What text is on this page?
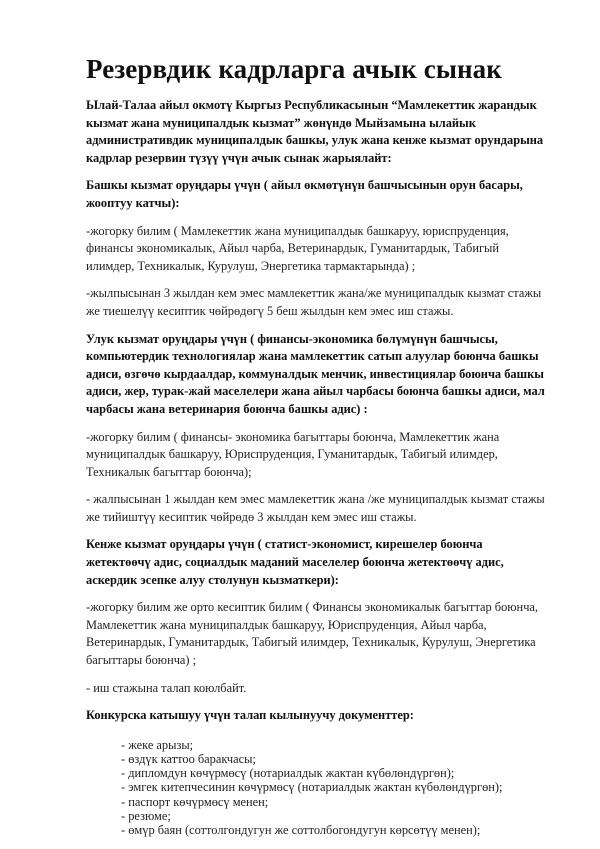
Резервдик кадрларга ачык сынак

Ылай-Талаа айыл окмотү Кыргыз Республикасынын “Мамлекеттик жарандык кызмат жана муниципалдык кызмат” жөнүндө Мыйзамына ылайык административдик муниципалдык башкы, улук жана кенже кызмат орундарына кадрлар резервин түзүү үчүн ачык сынак жарыялайт:

Башкы кызмат оруңдары үчүн ( айыл өкмөтүнүн башчысынын орун басары, жооптуу катчы):

-жогорку билим ( Мамлекеттик жана муниципалдык башкаруу, юриспруденция, финансы экономикалык, Айыл чарба, Ветеринардык, Гуманитардык, Табигый илимдер, Техникалык, Курулуш, Энергетика тармактарында) ;

-жылпысынан 3 жылдан кем эмес мамлекеттик жана/же муниципалдык кызмат стажы же тиешелүү кесиптик чөйрөдөгү 5 беш жылдын кем эмес иш стажы.

Улук кызмат оруңдары үчүн ( финансы-экономика бөлүмүнүн башчысы, компьютердик технологиялар жана мамлекеттик сатып алуулар боюнча башкы адиси, өзгөчө кырдаалдар, коммуналдык менчик, инвестициялар боюнча башкы адиси, жер, турак-жай маселелери жана айыл чарбасы боюнча башкы адиси, мал чарбасы жана ветеринария боюнча башкы адис) :

-жогорку билим ( финансы- экономика багыттары боюнча, Мамлекеттик жана муниципалдык башкаруу, Юриспруденция, Гуманитардык, Табигый илимдер, Техникалык багыттар боюнча);

- жалпысынан 1 жылдан кем эмес мамлекеттик жана /же муниципалдык кызмат стажы же тийиштүү кесиптик чөйрөдө 3 жылдан кем эмес иш стажы.

Кенже кызмат оруңдары үчүн ( статист-экономист, кирешелер боюнча жетектөөчү адис, социалдык маданий маселелер боюнча жетектөөчү адис, аскердик эсепке алуу столунун кызматкери):

-жогорку билим же орто кесиптик билим ( Финансы экономикалык багыттар боюнча, Мамлекеттик жана муниципалдык башкаруу, Юриспруденция, Айыл чарба, Ветеринардык, Гуманитардык, Табигый илимдер, Техникалык, Курулуш, Энергетика багыттары боюнча) ;

- иш стажына талап коюлбайт.

Конкурска катышуу үчүн талап кылынуучу документтер:

- жеке арызы;
- өздүк каттоо баракчасы;
- дипломдун көчүрмөсү (нотариалдык жактан күбөлөндүргөн);
- эмгек китепчесинин көчүрмөсү (нотариалдык жактан күбөлөндүргөн);
- паспорт көчүрмөсү менен;
- резюме;
- өмүр баян (соттолгондугун же соттолбогондугун көрсөтүү менен);
